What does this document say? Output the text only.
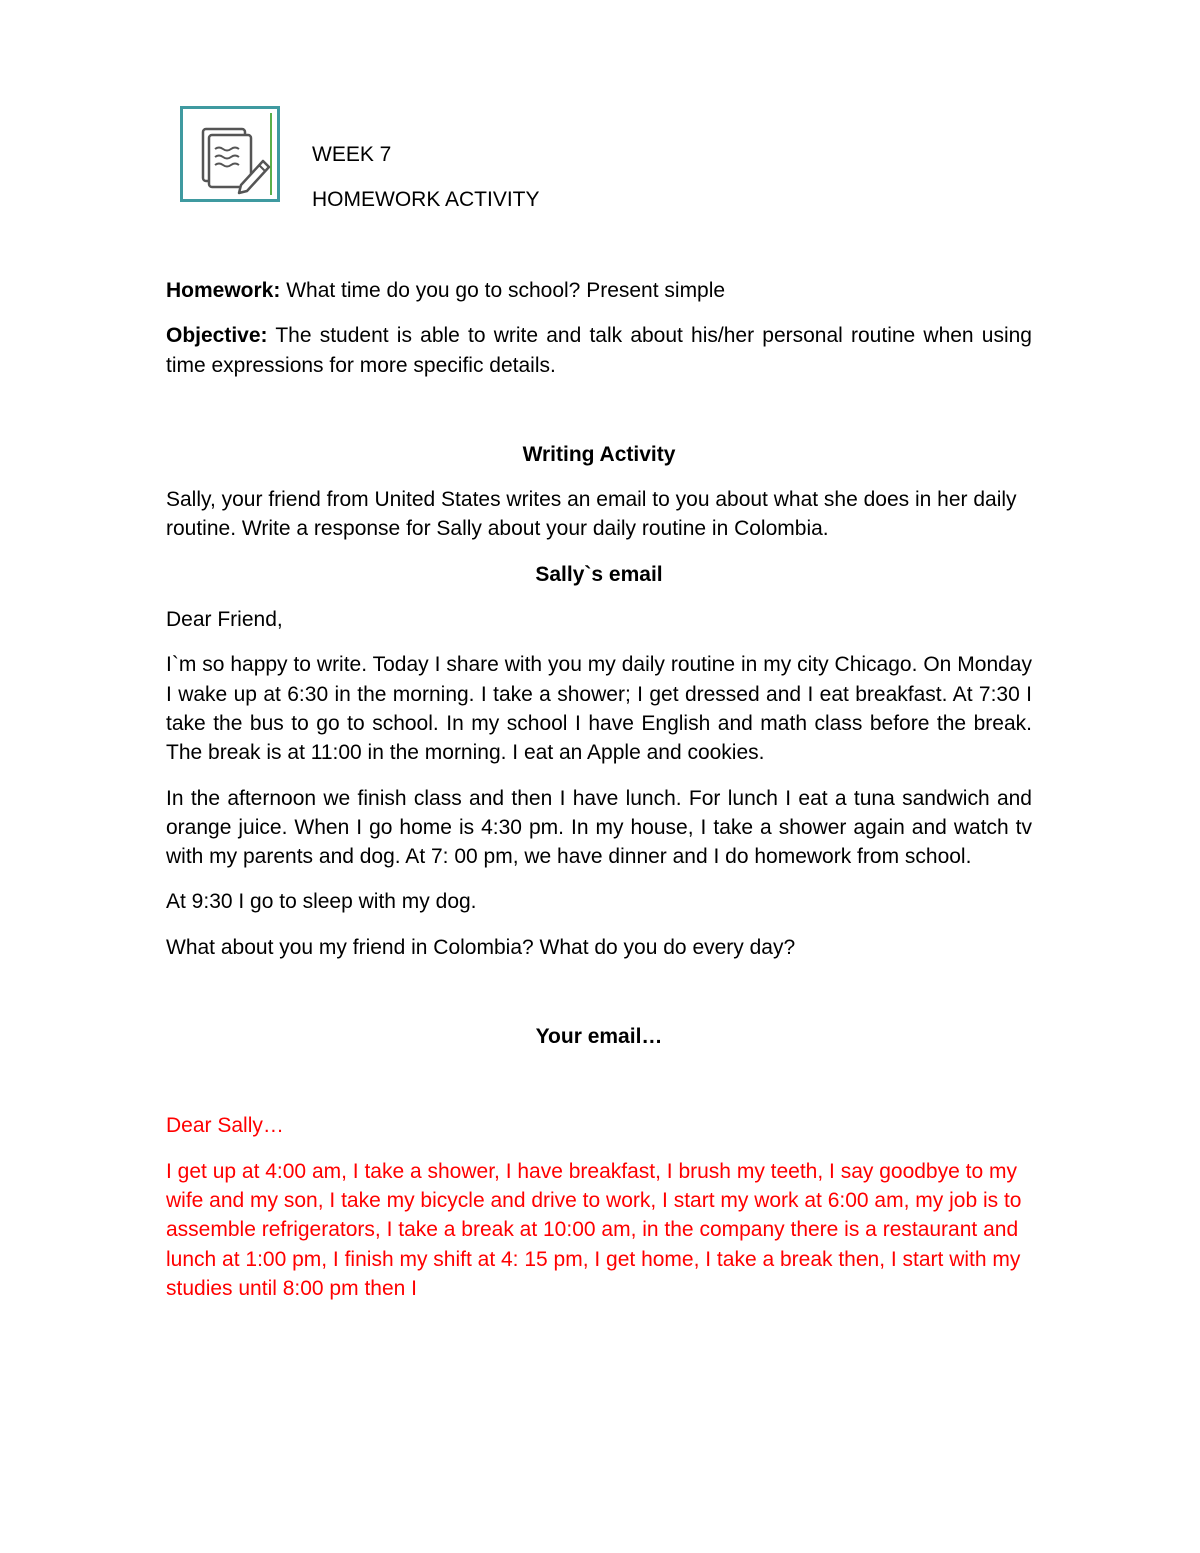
WEEK 7
HOMEWORK ACTIVITY

Homework: What time do you go to school? Present simple

Objective: The student is able to write and talk about his/her personal routine when using time expressions for more specific details.

Writing Activity

Sally, your friend from United States writes an email to you about what she does in her daily routine. Write a response for Sally about your daily routine in Colombia.

Sally`s email

Dear Friend,

I`m so happy to write. Today I share with you my daily routine in my city Chicago. On Monday I wake up at 6:30 in the morning. I take a shower; I get dressed and I eat breakfast. At 7:30 I take the bus to go to school. In my school I have English and math class before the break. The break is at 11:00 in the morning. I eat an Apple and cookies.

In the afternoon we finish class and then I have lunch. For lunch I eat a tuna sandwich and orange juice. When I go home is 4:30 pm. In my house, I take a shower again and watch tv with my parents and dog. At 7: 00 pm, we have dinner and I do homework from school.

At 9:30 I go to sleep with my dog.

What about you my friend in Colombia? What do you do every day?

Your email…

Dear Sally…

I get up at 4:00 am, I take a shower, I have breakfast, I brush my teeth, I say goodbye to my wife and my son, I take my bicycle and drive to work, I start my work at 6:00 am, my job is to assemble refrigerators, I take a break at 10:00 am, in the company there is a restaurant and lunch at 1:00 pm, I finish my shift at 4: 15 pm, I get home, I take a break then, I start with my studies until 8:00 pm then I
